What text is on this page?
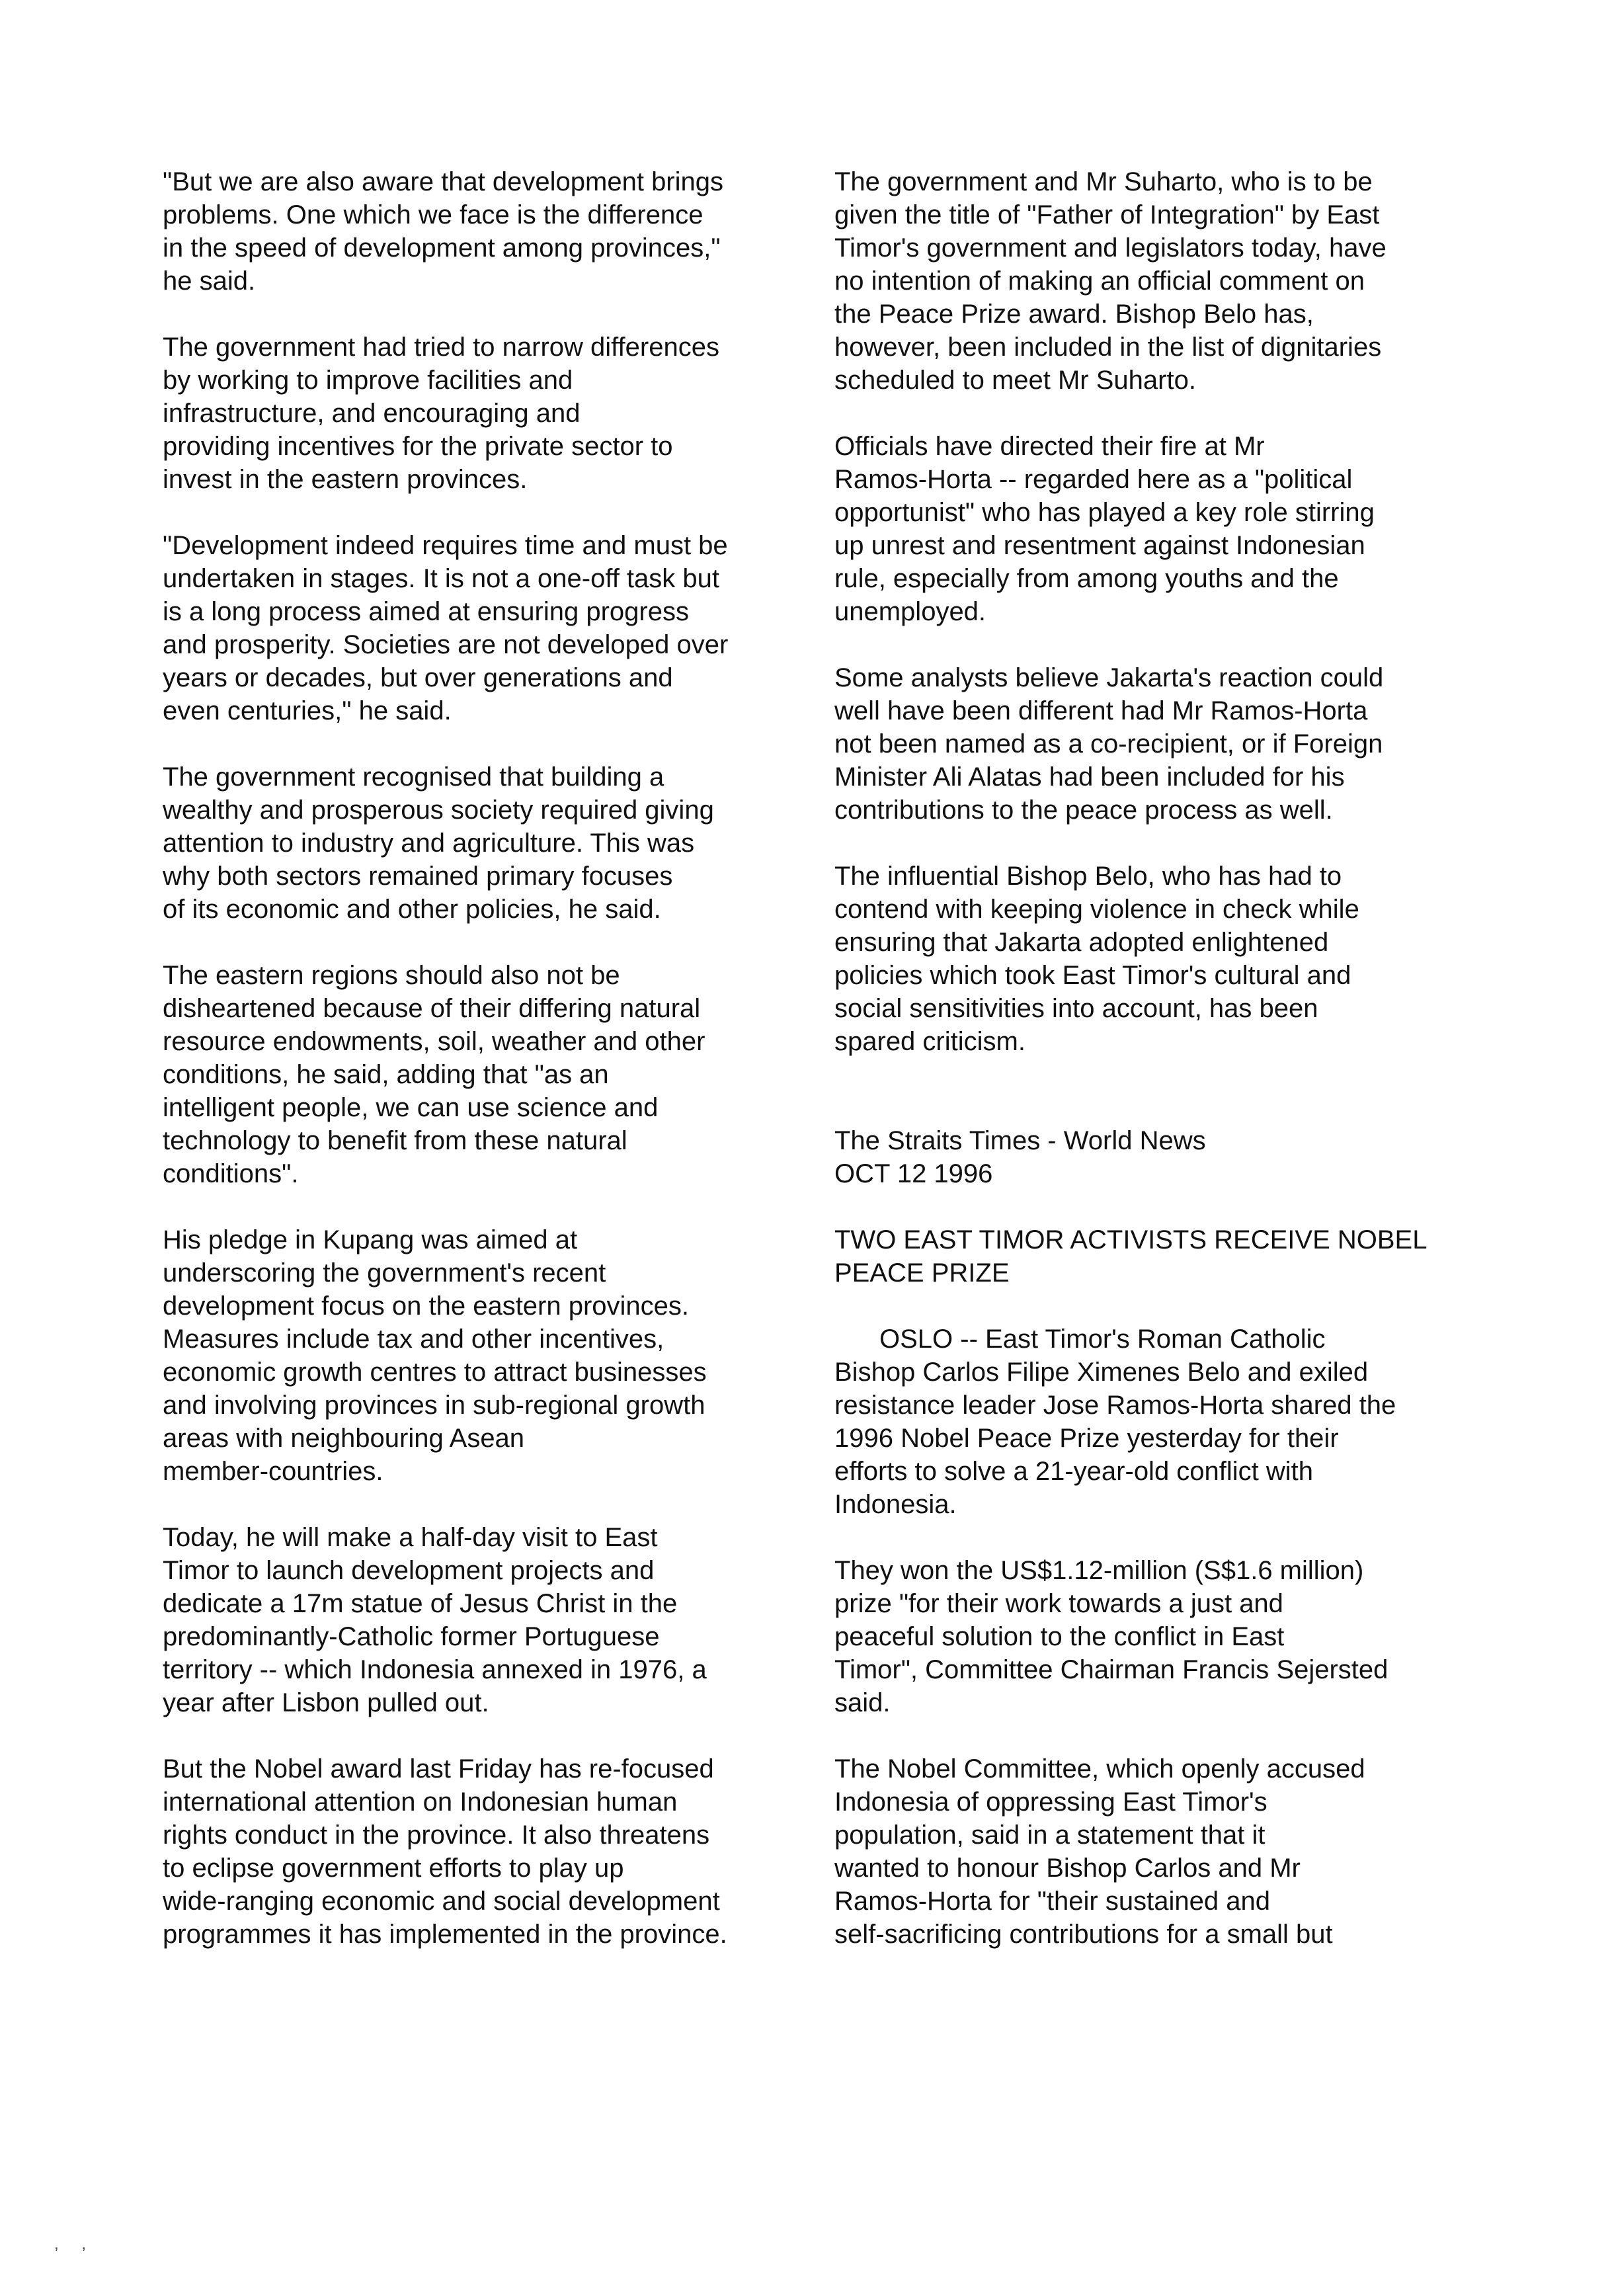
"But we are also aware that development brings
problems. One which we face is the difference
in the speed of development among provinces,"
he said.
The government had tried to narrow differences
by working to improve facilities and
infrastructure, and encouraging and
providing incentives for the private sector to
invest in the eastern provinces.
"Development indeed requires time and must be
undertaken in stages. It is not a one-off task but
is a long process aimed at ensuring progress
and prosperity. Societies are not developed over
years or decades, but over generations and
even centuries," he said.
The government recognised that building a
wealthy and prosperous society required giving
attention to industry and agriculture. This was
why both sectors remained primary focuses
of its economic and other policies, he said.
The eastern regions should also not be
disheartened because of their differing natural
resource endowments, soil, weather and other
conditions, he said, adding that "as an
intelligent people, we can use science and
technology to benefit from these natural
conditions".
His pledge in Kupang was aimed at
underscoring the government's recent
development focus on the eastern provinces.
Measures include tax and other incentives,
economic growth centres to attract businesses
and involving provinces in sub-regional growth
areas with neighbouring Asean
member-countries.
Today, he will make a half-day visit to East
Timor to launch development projects and
dedicate a 17m statue of Jesus Christ in the
predominantly-Catholic former Portuguese
territory -- which Indonesia annexed in 1976, a
year after Lisbon pulled out.
But the Nobel award last Friday has re-focused
international attention on Indonesian human
rights conduct in the province. It also threatens
to eclipse government efforts to play up
wide-ranging economic and social development
programmes it has implemented in the province.
The government and Mr Suharto, who is to be
given the title of "Father of Integration" by East
Timor's government and legislators today, have
no intention of making an official comment on
the Peace Prize award. Bishop Belo has,
however, been included in the list of dignitaries
scheduled to meet Mr Suharto.
Officials have directed their fire at Mr
Ramos-Horta -- regarded here as a "political
opportunist" who has played a key role stirring
up unrest and resentment against Indonesian
rule, especially from among youths and the
unemployed.
Some analysts believe Jakarta's reaction could
well have been different had Mr Ramos-Horta
not been named as a co-recipient, or if Foreign
Minister Ali Alatas had been included for his
contributions to the peace process as well.
The influential Bishop Belo, who has had to
contend with keeping violence in check while
ensuring that Jakarta adopted enlightened
policies which took East Timor's cultural and
social sensitivities into account, has been
spared criticism.
The Straits Times - World News
OCT 12 1996
TWO EAST TIMOR ACTIVISTS RECEIVE NOBEL
PEACE PRIZE
OSLO -- East Timor's Roman Catholic
Bishop Carlos Filipe Ximenes Belo and exiled
resistance leader Jose Ramos-Horta shared the
1996 Nobel Peace Prize yesterday for their
efforts to solve a 21-year-old conflict with
Indonesia.
They won the US$1.12-million (S$1.6 million)
prize "for their work towards a just and
peaceful solution to the conflict in East
Timor", Committee Chairman Francis Sejersted
said.
The Nobel Committee, which openly accused
Indonesia of oppressing East Timor's
population, said in a statement that it
wanted to honour Bishop Carlos and Mr
Ramos-Horta for "their sustained and
self-sacrificing contributions for a small but
, ,
